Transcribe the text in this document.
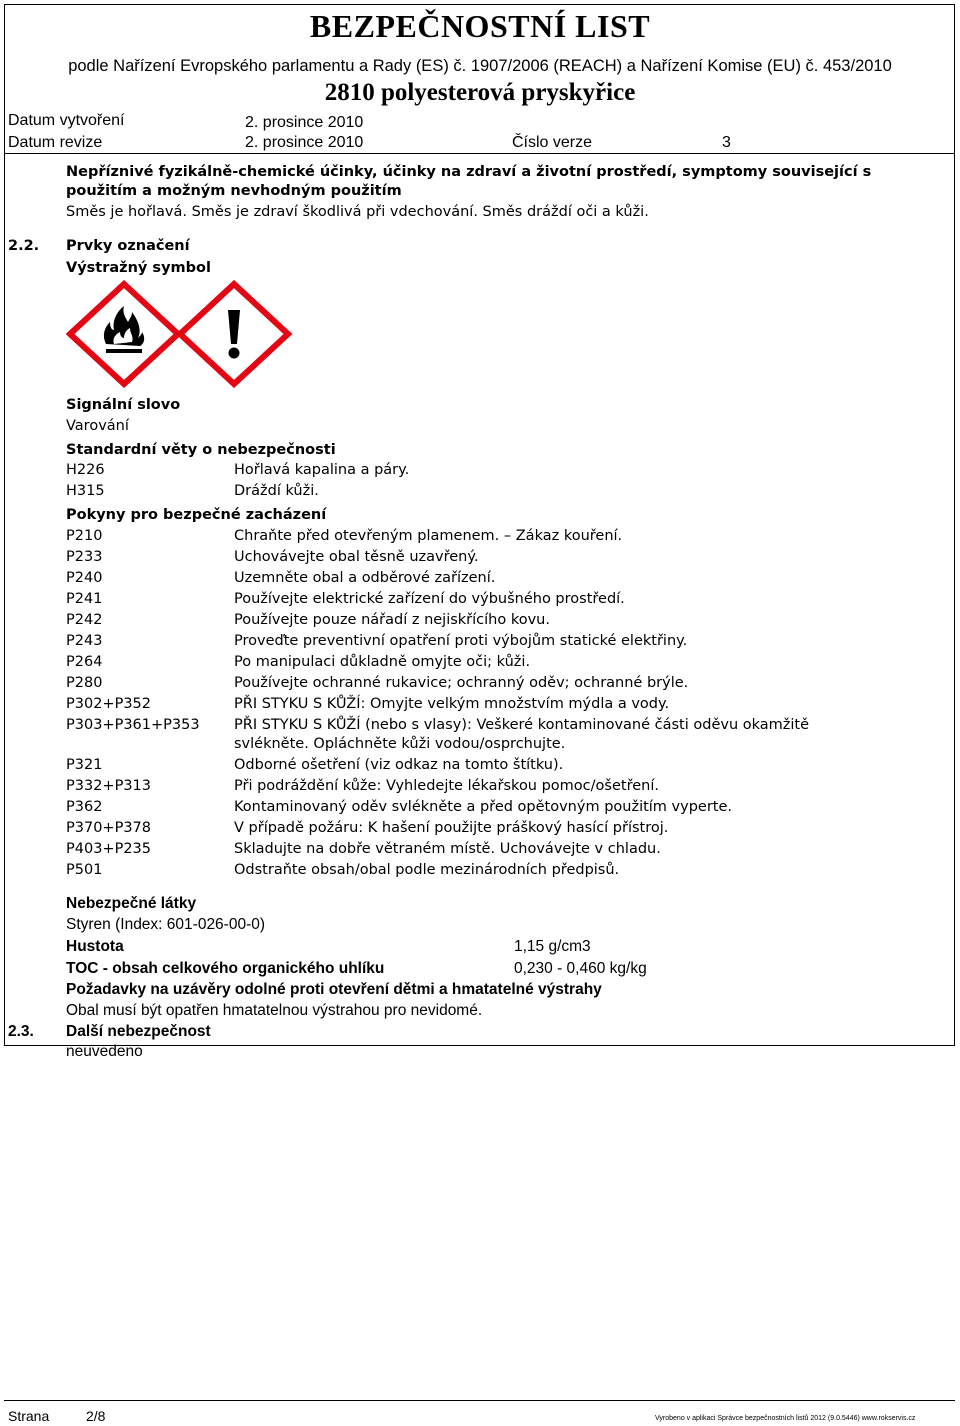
BEZPEČNOSTNÍ LIST
podle Nařízení Evropského parlamentu a Rady (ES) č. 1907/2006 (REACH) a Nařízení Komise (EU) č. 453/2010
2810 polyesterová pryskyřice
Datum vytvoření	2. prosince 2010
Datum revize	2. prosince 2010	Číslo verze	3
Nepříznivé fyzikálně-chemické účinky, účinky na zdraví a životní prostředí, symptomy související s
použitím a možným nevhodným použitím
Směs je hořlavá. Směs je zdraví škodlivá při vdechování. Směs dráždí oči a kůži.
2.2. Prvky označení
Výstražný symbol
Signální slovo
Varování
Standardní věty o nebezpečnosti
H226	Hořlavá kapalina a páry.
H315	Dráždí kůži.
Pokyny pro bezpečné zacházení
P210	Chraňte před otevřeným plamenem. – Zákaz kouření.
P233	Uchovávejte obal těsně uzavřený.
P240	Uzemněte obal a odběrové zařízení.
P241	Používejte elektrické zařízení do výbušného prostředí.
P242	Používejte pouze nářadí z nejiskřícího kovu.
P243	Proveďte preventivní opatření proti výbojům statické elektřiny.
P264	Po manipulaci důkladně omyjte oči; kůži.
P280	Používejte ochranné rukavice; ochranný oděv; ochranné brýle.
P302+P352	PŘI STYKU S KŮŽÍ: Omyjte velkým množstvím mýdla a vody.
P303+P361+P353 PŘI STYKU S KŮŽÍ (nebo s vlasy): Veškeré kontaminované části oděvu okamžitě
svlékněte. Opláchněte kůži vodou/osprchujte.
P321	Odborné ošetření (viz odkaz na tomto štítku).
P332+P313	Při podráždění kůže: Vyhledejte lékařskou pomoc/ošetření.
P362	Kontaminovaný oděv svlékněte a před opětovným použitím vyperte.
P370+P378	V případě požáru: K hašení použijte práškový hasící přístroj.
P403+P235	Skladujte na dobře větraném místě. Uchovávejte v chladu.
P501	Odstraňte obsah/obal podle mezinárodních předpisů.
Nebezpečné látky
Styren (Index: 601-026-00-0)
Hustota	1,15 g/cm3
TOC - obsah celkového organického uhlíku	0,230 - 0,460 kg/kg
Požadavky na uzávěry odolné proti otevření dětmi a hmatatelné výstrahy
Obal musí být opatřen hmatatelnou výstrahou pro nevidomé.
2.3. Další nebezpečnost
neuvedeno
Strana	2/8	Vyrobeno v aplikaci Správce bezpečnostních listů 2012 (9.0.5446) www.rokservis.cz
